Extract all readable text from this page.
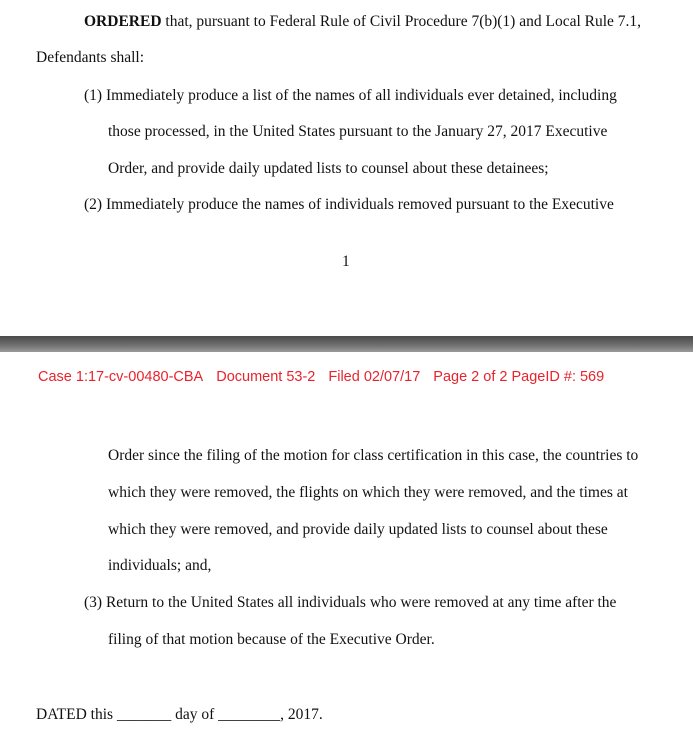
ORDERED that, pursuant to Federal Rule of Civil Procedure 7(b)(1) and Local Rule 7.1,
Defendants shall:
(1) Immediately produce a list of the names of all individuals ever detained, including
those processed, in the United States pursuant to the January 27, 2017 Executive
Order, and provide daily updated lists to counsel about these detainees;
(2) Immediately produce the names of individuals removed pursuant to the Executive
1
Case 1:17-cv-00480-CBA Document 53-2 Filed 02/07/17 Page 2 of 2 PageID #: 569
Order since the filing of the motion for class certification in this case, the countries to
which they were removed, the flights on which they were removed, and the times at
which they were removed, and provide daily updated lists to counsel about these
individuals; and,
(3) Return to the United States all individuals who were removed at any time after the
filing of that motion because of the Executive Order.
DATED this _______ day of ________, 2017.
